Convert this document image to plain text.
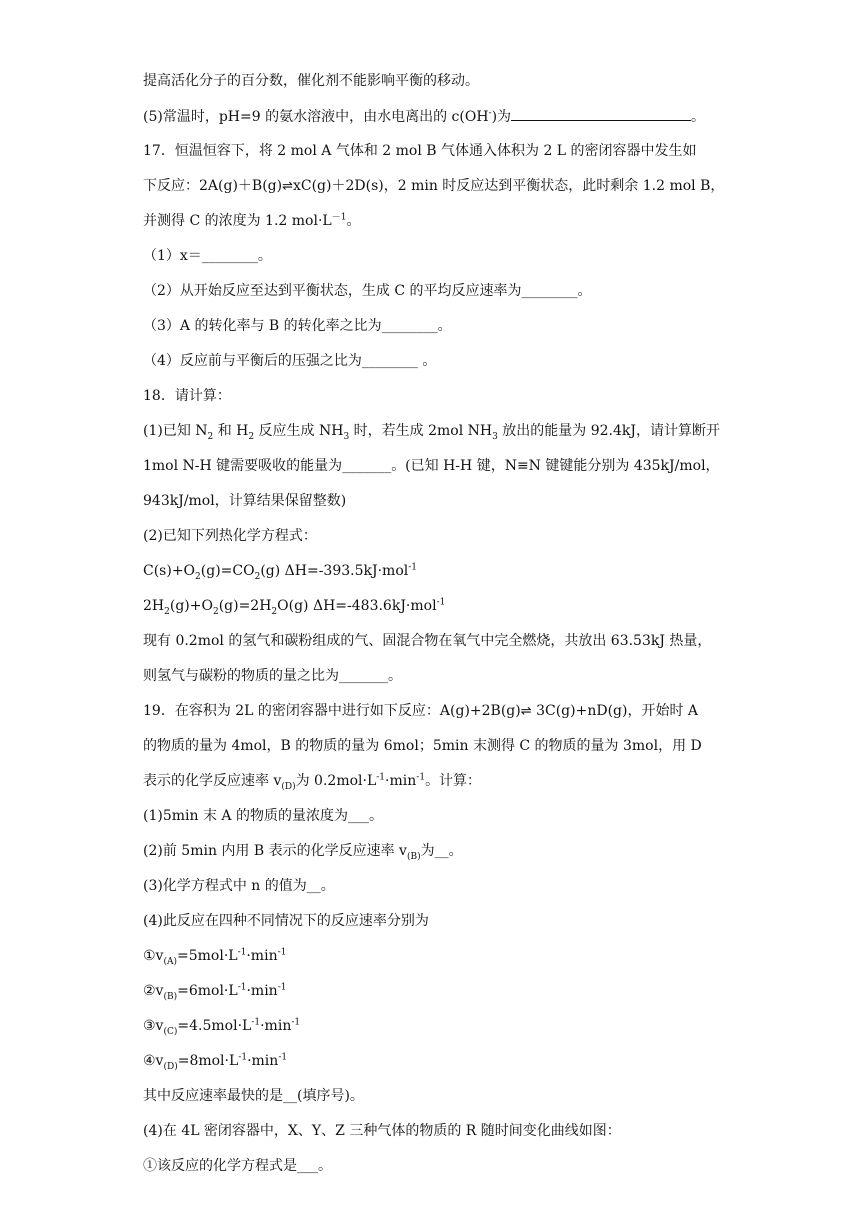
提高活化分子的百分数，催化剂不能影响平衡的移动。
(5)常温时，pH=9 的氨水溶液中，由水电离出的 c(OH-)为	。
17．恒温恒容下，将 2 mol A 气体和 2 mol B 气体通入体积为 2 L 的密闭容器中发生如
下反应：2A(g)＋B(g)⇌xC(g)＋2D(s)，2 min 时反应达到平衡状态，此时剩余 1.2 mol B，
并测得 C 的浓度为 1.2 $mol\cdot L^{-1}$。
（1）x＝________。
（2）从开始反应至达到平衡状态，生成 C 的平均反应速率为________。
（3）A 的转化率与 B 的转化率之比为________。
（4）反应前与平衡后的压强之比为________ 。
18．请计算：
(1)已知 $N_2$ 和 $H_2$ 反应生成 $NH_3$ 时，若生成 2mol $NH_3$ 放出的能量为 92.4kJ，请计算断开
1mol N-H 键需要吸收的能量为_______。(已知 H-H 键，N≡N 键键能分别为 435kJ/mol，
943kJ/mol，计算结果保留整数)
(2)已知下列热化学方程式：
$C(s)+O_2(g)=CO_2(g)$ ΔH=-393.5kJ·mol$^{-1}$
$2H_2(g)+O_2(g)=2H_2O(g)$ ΔH=-483.6kJ·mol$^{-1}$
现有 0.2mol 的氢气和碳粉组成的气、固混合物在氧气中完全燃烧，共放出 63.53kJ 热量，
则氢气与碳粉的物质的量之比为_______。
19．在容积为 2L 的密闭容器中进行如下反应：A(g)+2B(g)⇌ 3C(g)+nD(g)，开始时 A
的物质的量为 4mol，B 的物质的量为 6mol；5min 末测得 C 的物质的量为 3mol，用 D
表示的化学反应速率 $v_{(D)}$为 $0.2mol\cdot L^{-1}\cdot\min^{-1}$。计算：
(1)5min 末 A 的物质的量浓度为___。
(2)前 5min 内用 B 表示的化学反应速率 $v_{(B)}$为__。
(3)化学方程式中 n 的值为__。
(4)此反应在四种不同情况下的反应速率分别为
$①v_{(A)}=5mol\cdot L^{-1}\cdot\min^{-1}$
$②v_{(B)}=6mol\cdot L^{-1}\cdot\min^{-1}$
$③v_{(C)}=4.5mol\cdot L^{-1}\cdot\min^{-1}$
$④v_{(D)}=8mol\cdot L^{-1}\cdot\min^{-1}$
其中反应速率最快的是__(填序号)。
(4)在 4L 密闭容器中，X、Y、Z 三种气体的物质的 R 随时间变化曲线如图：
①该反应的化学方程式是___。
